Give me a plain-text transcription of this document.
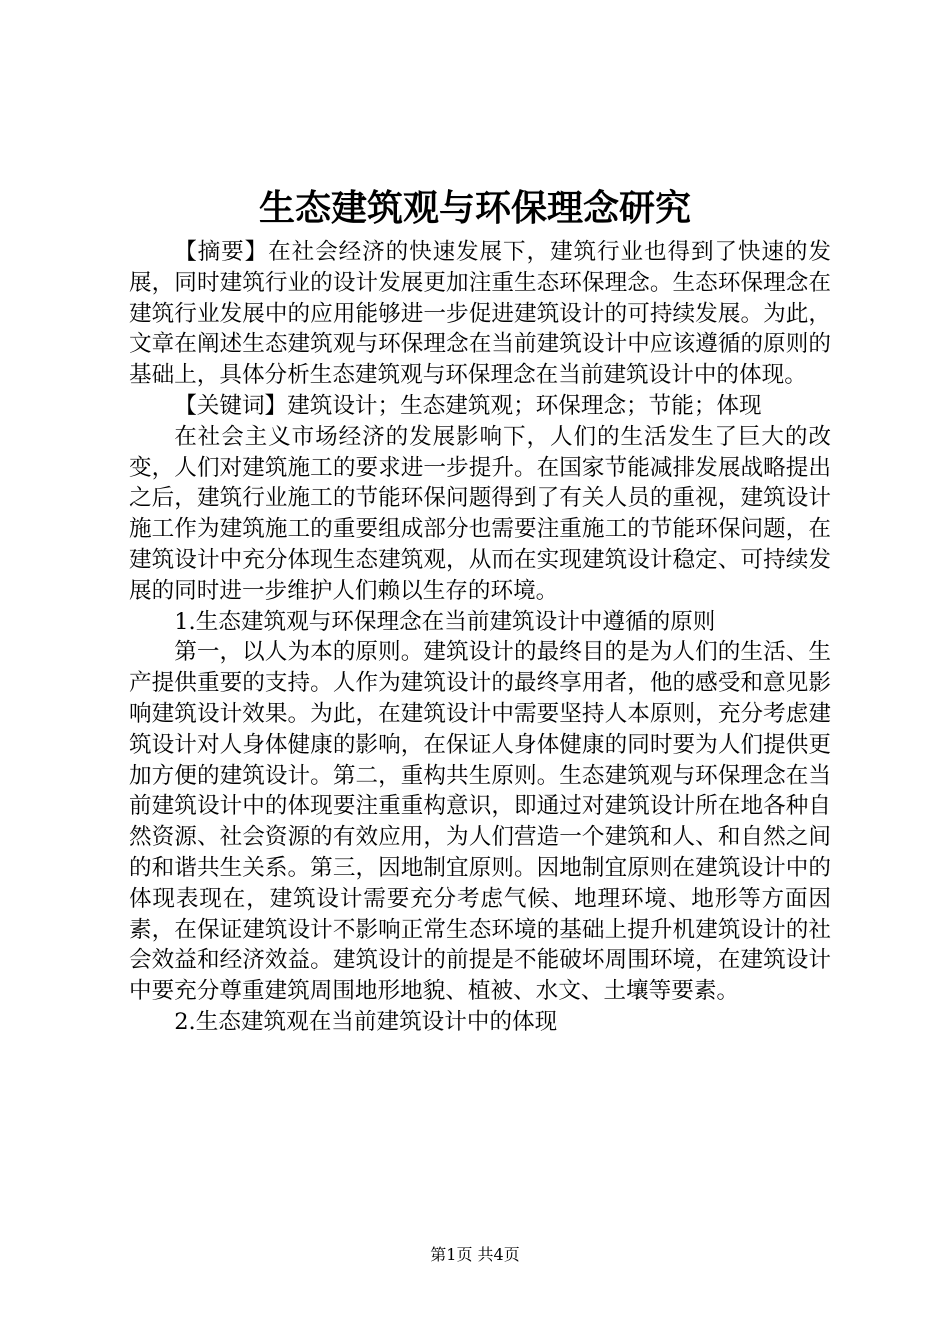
生态建筑观与环保理念研究

【摘要】在社会经济的快速发展下，建筑行业也得到了快速的发展，同时建筑行业的设计发展更加注重生态环保理念。生态环保理念在建筑行业发展中的应用能够进一步促进建筑设计的可持续发展。为此，文章在阐述生态建筑观与环保理念在当前建筑设计中应该遵循的原则的基础上，具体分析生态建筑观与环保理念在当前建筑设计中的体现。

【关键词】建筑设计；生态建筑观；环保理念；节能；体现

在社会主义市场经济的发展影响下，人们的生活发生了巨大的改变，人们对建筑施工的要求进一步提升。在国家节能减排发展战略提出之后，建筑行业施工的节能环保问题得到了有关人员的重视，建筑设计施工作为建筑施工的重要组成部分也需要注重施工的节能环保问题，在建筑设计中充分体现生态建筑观，从而在实现建筑设计稳定、可持续发展的同时进一步维护人们赖以生存的环境。

1.生态建筑观与环保理念在当前建筑设计中遵循的原则

第一，以人为本的原则。建筑设计的最终目的是为人们的生活、生产提供重要的支持。人作为建筑设计的最终享用者，他的感受和意见影响建筑设计效果。为此，在建筑设计中需要坚持人本原则，充分考虑建筑设计对人身体健康的影响，在保证人身体健康的同时要为人们提供更加方便的建筑设计。第二，重构共生原则。生态建筑观与环保理念在当前建筑设计中的体现要注重重构意识，即通过对建筑设计所在地各种自然资源、社会资源的有效应用，为人们营造一个建筑和人、和自然之间的和谐共生关系。第三，因地制宜原则。因地制宜原则在建筑设计中的体现表现在，建筑设计需要充分考虑气候、地理环境、地形等方面因素，在保证建筑设计不影响正常生态环境的基础上提升机建筑设计的社会效益和经济效益。建筑设计的前提是不能破坏周围环境，在建筑设计中要充分尊重建筑周围地形地貌、植被、水文、土壤等要素。

2.生态建筑观在当前建筑设计中的体现

第1页 共4页
